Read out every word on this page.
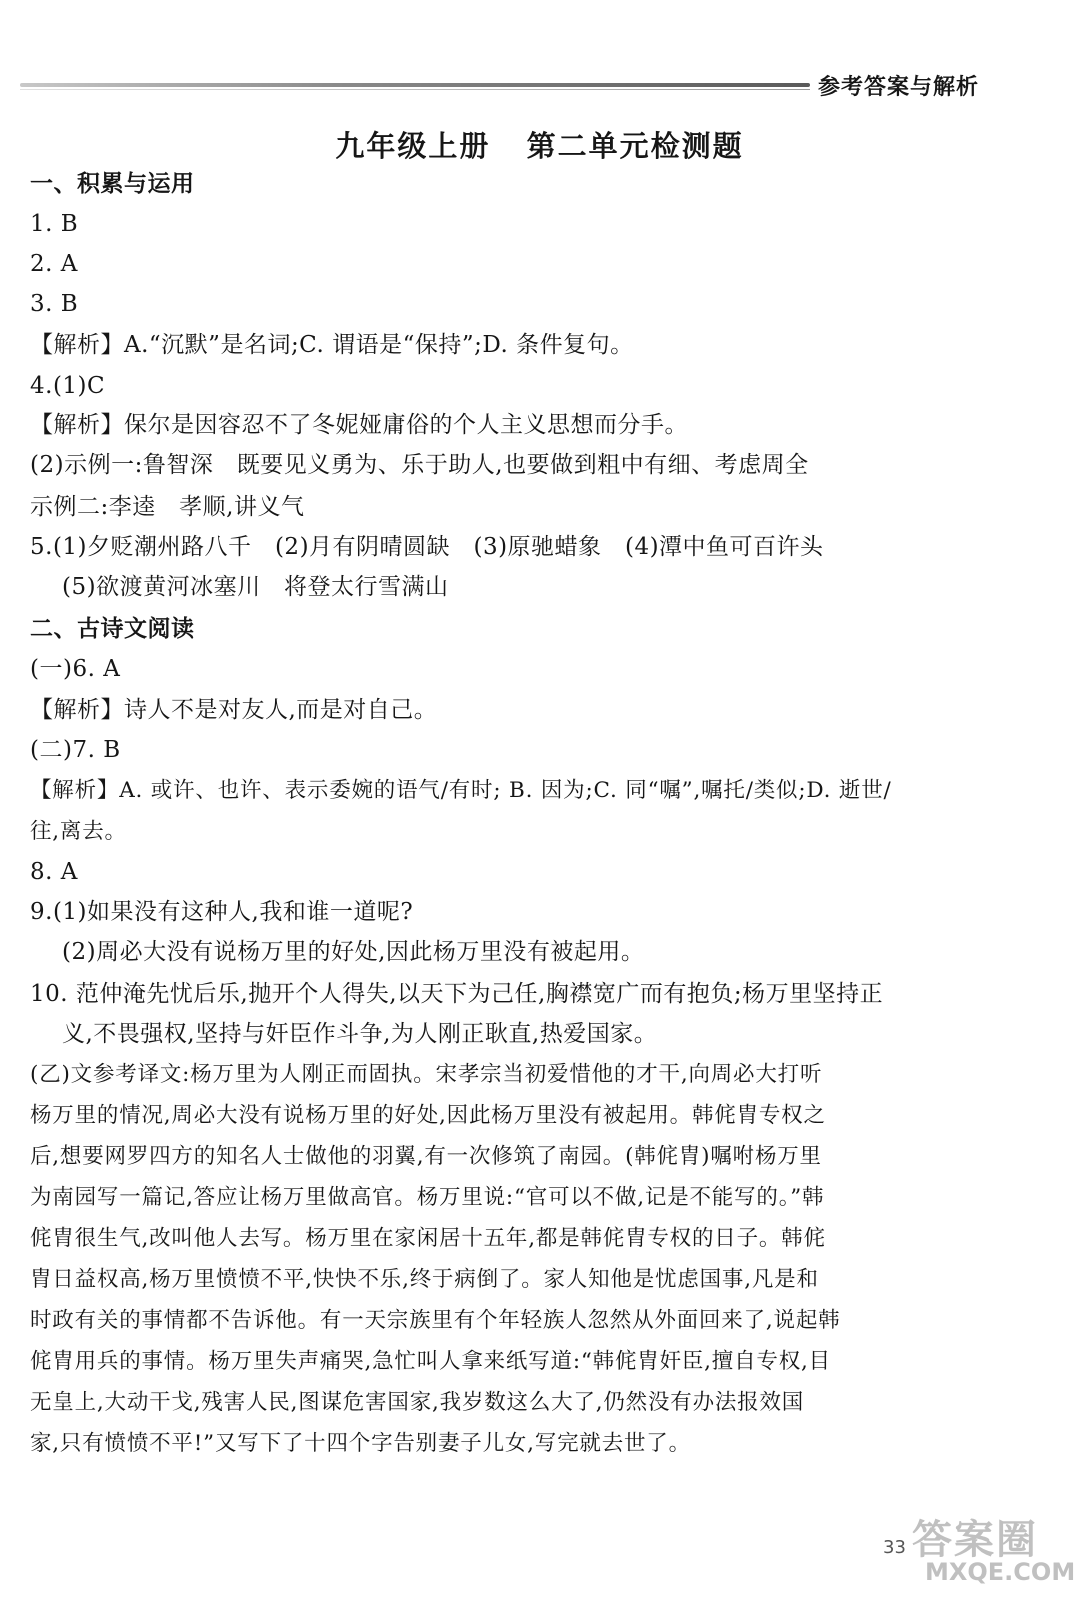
参考答案与解析
九年级上册   第二单元检测题
一、积累与运用
1. B
2. A
3. B
【解析】A.“沉默”是名词;C. 谓语是“保持”;D. 条件复句。
4.(1)C
【解析】保尔是因容忍不了冬妮娅庸俗的个人主义思想而分手。
(2)示例一:鲁智深   既要见义勇为、乐于助人,也要做到粗中有细、考虑周全
示例二:李逵   孝顺,讲义气
5.(1)夕贬潮州路八千   (2)月有阴晴圆缺   (3)原驰蜡象   (4)潭中鱼可百许头
(5)欲渡黄河冰塞川   将登太行雪满山
二、古诗文阅读
(一)6. A
【解析】诗人不是对友人,而是对自己。
(二)7. B
【解析】A. 或许、也许、表示委婉的语气/有时; B. 因为;C. 同“嘱”,嘱托/类似;D. 逝世/
往,离去。
8. A
9.(1)如果没有这种人,我和谁一道呢?
(2)周必大没有说杨万里的好处,因此杨万里没有被起用。
10. 范仲淹先忧后乐,抛开个人得失,以天下为己任,胸襟宽广而有抱负;杨万里坚持正
义,不畏强权,坚持与奸臣作斗争,为人刚正耿直,热爱国家。
(乙)文参考译文:杨万里为人刚正而固执。宋孝宗当初爱惜他的才干,向周必大打听
杨万里的情况,周必大没有说杨万里的好处,因此杨万里没有被起用。韩侂胄专权之
后,想要网罗四方的知名人士做他的羽翼,有一次修筑了南园。(韩侂胄)嘱咐杨万里
为南园写一篇记,答应让杨万里做高官。杨万里说:“官可以不做,记是不能写的。”韩
侂胄很生气,改叫他人去写。杨万里在家闲居十五年,都是韩侂胄专权的日子。韩侂
胄日益权高,杨万里愤愤不平,快快不乐,终于病倒了。家人知他是忧虑国事,凡是和
时政有关的事情都不告诉他。有一天宗族里有个年轻族人忽然从外面回来了,说起韩
侂胄用兵的事情。杨万里失声痛哭,急忙叫人拿来纸写道:“韩侂胄奸臣,擅自专权,目
无皇上,大动干戈,残害人民,图谋危害国家,我岁数这么大了,仍然没有办法报效国
家,只有愤愤不平!”又写下了十四个字告别妻子儿女,写完就去世了。
33 答案圈
MXQE.COM
